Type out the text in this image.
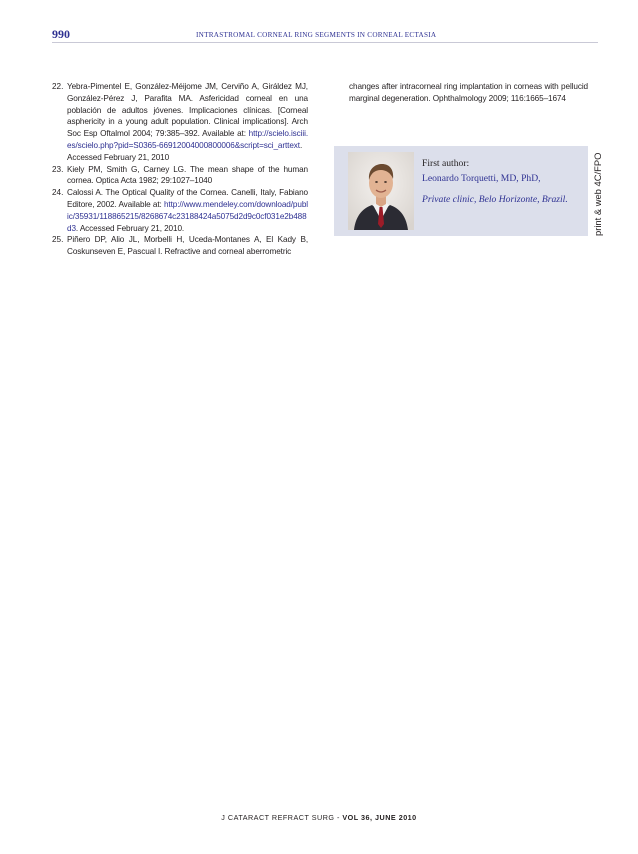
990	INTRASTROMAL CORNEAL RING SEGMENTS IN CORNEAL ECTASIA
22. Yebra-Pimentel E, González-Méijome JM, Cerviño A, Giráldez MJ, González-Pérez J, Parafita MA. Asfericidad corneal en una población de adultos jóvenes. Implicaciones clínicas. [Corneal asphericity in a young adult population. Clinical implications]. Arch Soc Esp Oftalmol 2004; 79:385–392. Available at: http://scielo.isciii.es/scielo.php?pid=S0365-66912004000800006&script=sci_arttext. Accessed February 21, 2010
23. Kiely PM, Smith G, Carney LG. The mean shape of the human cornea. Optica Acta 1982; 29:1027–1040
24. Calossi A. The Optical Quality of the Cornea. Canelli, Italy, Fabiano Editore, 2002. Available at: http://www.mendeley.com/download/public/35931/118865215/8268674c23188424a5075d2d9c0cf031e2b488d3. Accessed February 21, 2010.
25. Piñero DP, Alio JL, Morbelli H, Uceda-Montanes A, El Kady B, Coskunseven E, Pascual I. Refractive and corneal aberrometric
changes after intracorneal ring implantation in corneas with pellucid marginal degeneration. Ophthalmology 2009; 116:1665–1674
First author:
Leonardo Torquetti, MD, PhD,
Private clinic, Belo Horizonte, Brazil.	print & web 4C/FPO
J CATARACT REFRACT SURG - VOL 36, JUNE 2010
